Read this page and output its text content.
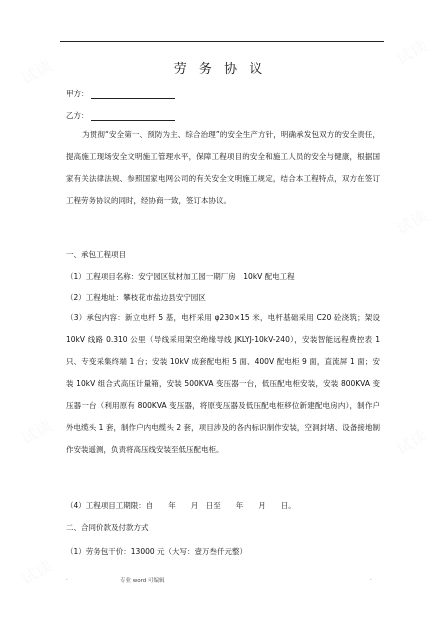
劳 务 协 议
甲方：
乙方：
为贯彻“安全第一、预防为主、综合治理”的安全生产方针，明确承发包双方的安全责任，提高施工现场安全文明施工管理水平，保障工程项目的安全和施工人员的安全与健康，根据国家有关法律法规、参照国家电网公司的有关安全文明施工规定，结合本工程特点，双方在签订工程劳务协议的同时，经协商一致，签订本协议。
一、承包工程项目
（1）工程项目名称：安宁园区钛材加工园一期厂房　10kV 配电工程
（2）工程地址：攀枝花市盐边县安宁园区
（3）承包内容：新立电杆 5 基，电杆采用 φ230×15 米，电杆基础采用 C20 砼浇筑；架设 10kV 线路 0.310 公里（导线采用架空绝缘导线 JKLYJ-10kV-240），安装智能远程费控表 1 只、专变采集终端 1 台；安装 10kV 成套配电柜 5 面、400V 配电柜 9 面，直流屏 1 面；安装 10kV 组合式高压计量箱，安装 500KVA 变压器一台，低压配电柜安装，安装 800KVA 变压器一台（利用原有 800KVA 变压器，将原变压器及低压配电柜移位新建配电房内），制作户外电缆头 1 套，制作户内电缆头 2 套，项目涉及的各内标识制作安装，空洞封堵、设备接地制作安装遥测，负责将高压线安装至低压配电柜。
（4）工程项目工期限：自　　年　　月　日至　　年　　月　　日。
二、合同价款及付款方式
（1）劳务包干价：13000 元（大写：壹万叁仟元整）
.	专业 word 可编辑	.
试读
试读
试读
试读	试读
试读
